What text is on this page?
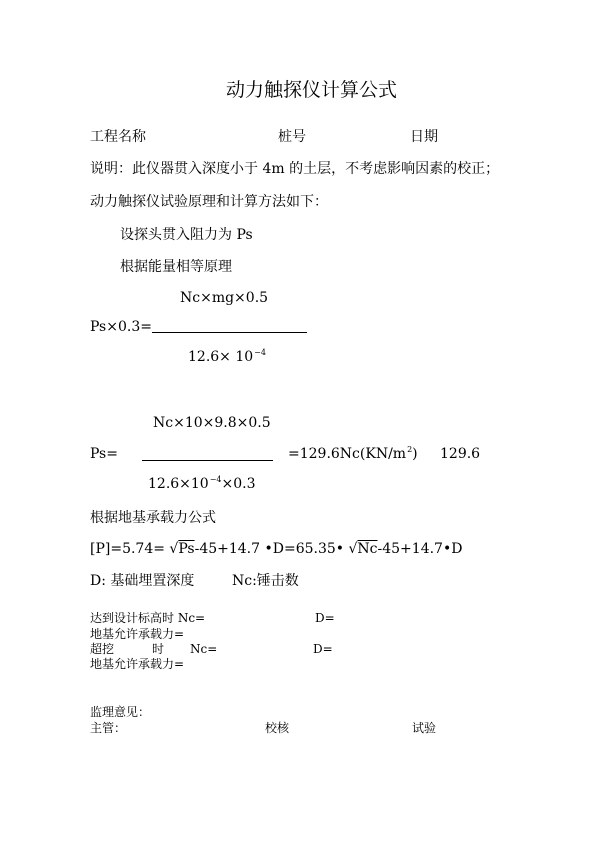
动力触探仪计算公式
工程名称	桩号	日期
说明：此仪器贯入深度小于 4m 的土层，不考虑影响因素的校正；
动力触探仪试验原理和计算方法如下：
设探头贯入阻力为 Ps
根据能量相等原理
Nc×mg×0.5
Ps×0.3=
$12.6\times 10^{-4}$
Nc×10×9.8×0.5
Ps=	$=129.6Nc(KN/m^2)$ 129.6
$12.6\times 10^{-4}\times 0.3$
根据地基承载力公式
[P]=5.74= √Ps-45+14.7 •D=65.35• √Nc-45+14.7•D
D: 基础埋置深度	Nc:锤击数
达到设计标高时 Nc=	D=
地基允许承载力=
超挖	时 Nc=	D=
地基允许承载力=
监理意见：
主管：	校核	试验
